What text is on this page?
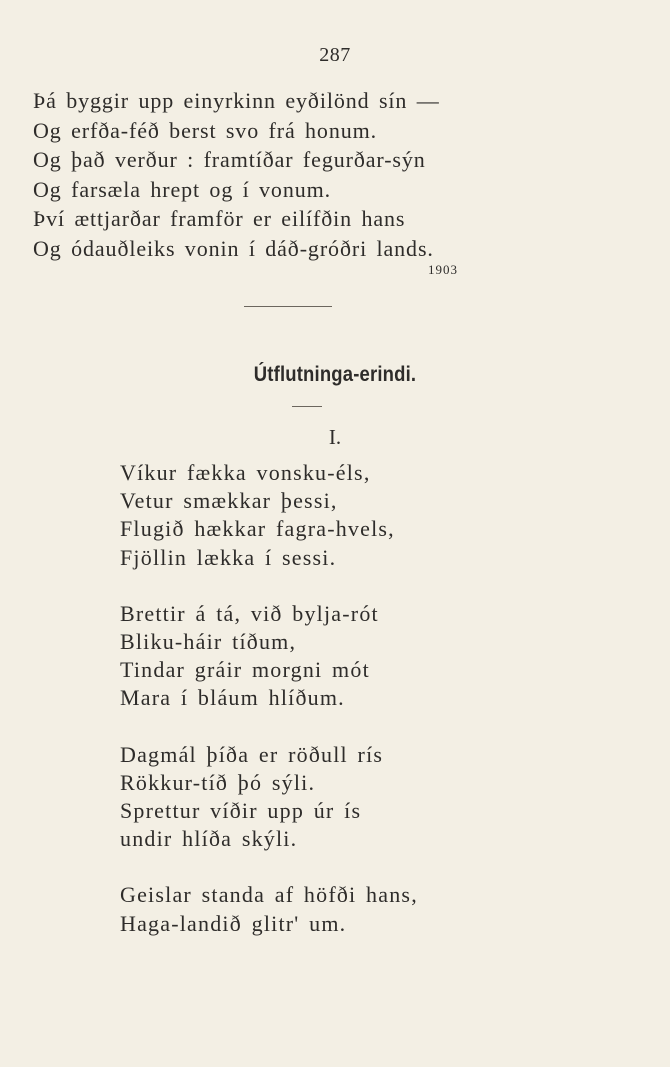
287
Þá byggir upp einyrkinn eyðilönd sín —
Og erfða-féð berst svo frá honum.
Og það verður : framtíðar fegurðar-sýn
Og farsæla hrept og í vonum.
Því ættjarðar framför er eilífðin hans
Og ódauðleiks vonin í dáð-gróðri lands.
1903
Útflutninga-erindi.
I.
Víkur fækka vonsku-éls,
Vetur smækkar þessi,
Flugið hækkar fagra-hvels,
Fjöllin lækka í sessi.
Brettir á tá, við bylja-rót
Bliku-háir tíðum,
Tindar gráir morgni mót
Mara í bláum hlíðum.
Dagmál þíða er röðull rís
Rökkur-tíð þó sýli.
Sprettur víðir upp úr ís
undir hlíða skýli.
Geislar standa af höfði hans,
Haga-landið glitr' um.
